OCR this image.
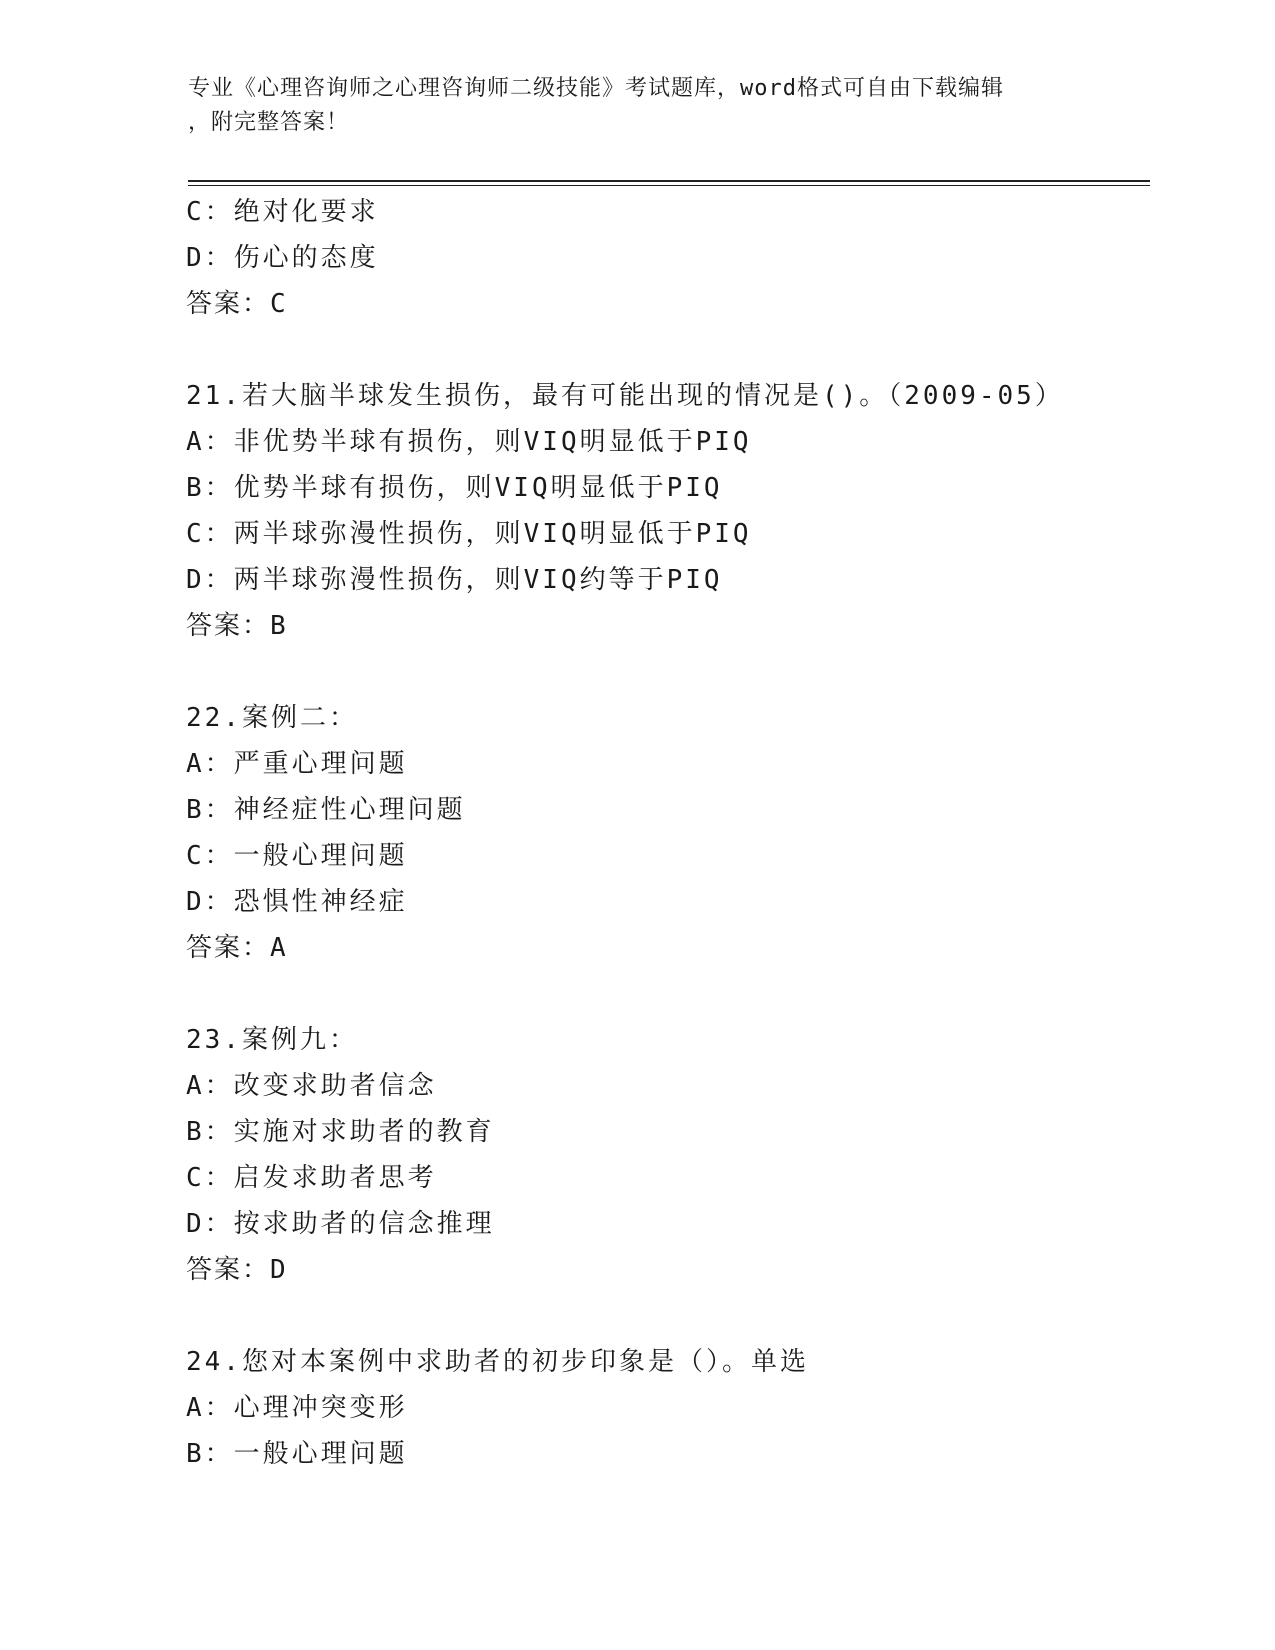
专业《心理咨询师之心理咨询师二级技能》考试题库，word格式可自由下载编辑
，附完整答案！
C：绝对化要求
D：伤心的态度
答案：C
21.若大脑半球发生损伤，最有可能出现的情况是()。（2009-05）
A：非优势半球有损伤，则VIQ明显低于PIQ
B：优势半球有损伤，则VIQ明显低于PIQ
C：两半球弥漫性损伤，则VIQ明显低于PIQ
D：两半球弥漫性损伤，则VIQ约等于PIQ
答案：B
22.案例二：
A：严重心理问题
B：神经症性心理问题
C：一般心理问题
D：恐惧性神经症
答案：A
23.案例九：
A：改变求助者信念
B：实施对求助者的教育
C：启发求助者思考
D：按求助者的信念推理
答案：D
24.您对本案例中求助者的初步印象是（）。单选
A：心理冲突变形
B：一般心理问题
